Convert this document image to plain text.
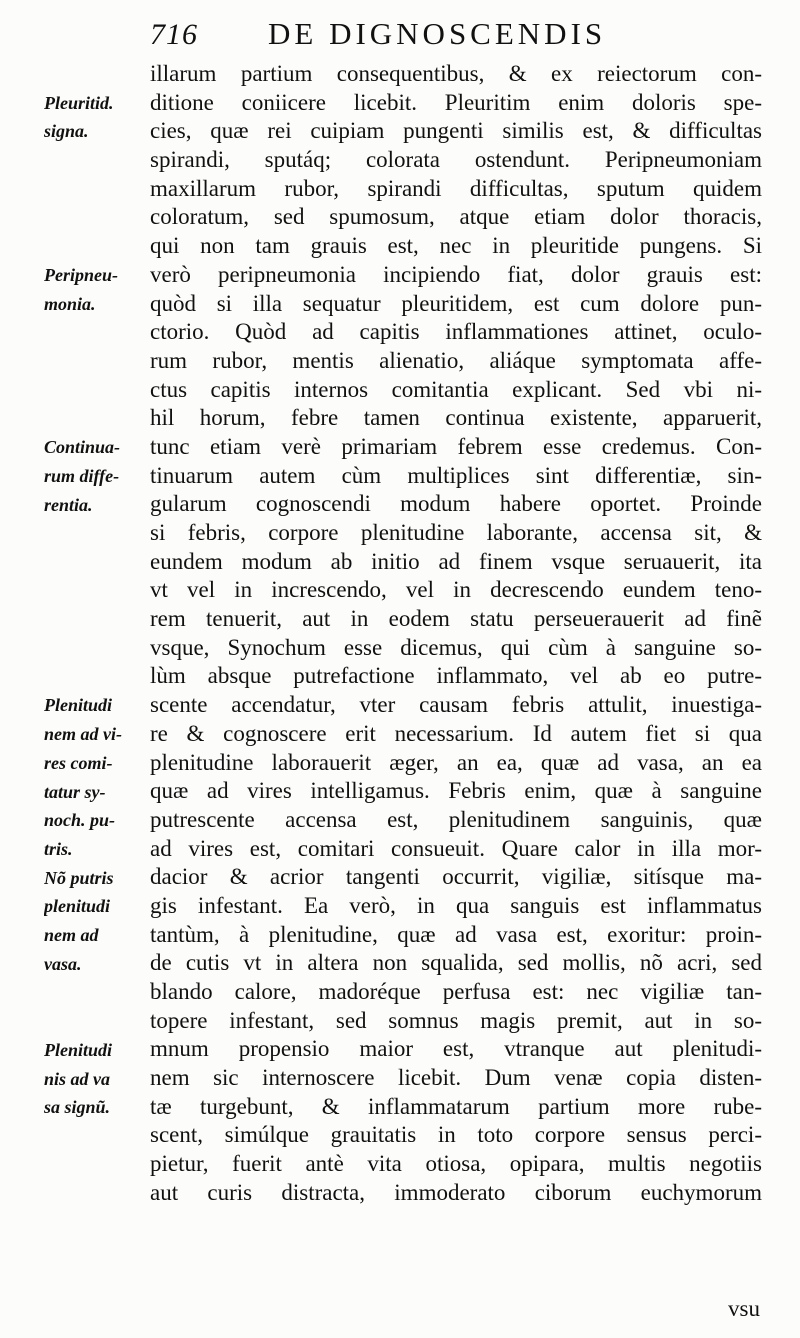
716 DE DIGNOSCENDIS
illarum partium consequentibus, & ex reiectorum con-
ditione coniicere licebit. Pleuritim enim doloris spe-
cies, quæ rei cuipiam pungenti similis est, & difficultas
spirandi, sputáq; colorata ostendunt. Peripneumoniam
maxillarum rubor, spirandi difficultas, sputum quidem
coloratum, sed spumosum, atque etiam dolor thoracis,
qui non tam grauis est, nec in pleuritide pungens. Si
verò peripneumonia incipiendo fiat, dolor grauis est:
quòd si illa sequatur pleuritidem, est cum dolore pun-
ctorio. Quòd ad capitis inflammationes attinet, oculo-
rum rubor, mentis alienatio, aliáque symptomata affe-
ctus capitis internos comitantia explicant. Sed vbi ni-
hil horum, febre tamen continua existente, apparuerit,
tunc etiam verè primariam febrem esse credemus. Con-
tinuarum autem cùm multiplices sint differentiæ, sin-
gularum cognoscendi modum habere oportet. Proinde
si febris, corpore plenitudine laborante, accensa sit, &
eundem modum ab initio ad finem vsque seruauerit, ita
vt vel in increscendo, vel in decrescendo eundem teno-
rem tenuerit, aut in eodem statu perseuerauerit ad finẽ
vsque, Synochum esse dicemus, qui cùm à sanguine so-
lùm absque putrefactione inflammato, vel ab eo putre-
scente accendatur, vter causam febris attulit, inuestiga-
re & cognoscere erit necessarium. Id autem fiet si qua
plenitudine laborauerit æger, an ea, quæ ad vasa, an ea
quæ ad vires intelligamus. Febris enim, quæ à sanguine
putrescente accensa est, plenitudinem sanguinis, quæ
ad vires est, comitari consueuit. Quare calor in illa mor-
dacior & acrior tangenti occurrit, vigiliæ, sitísque ma-
gis infestant. Ea verò, in qua sanguis est inflammatus
tantùm, à plenitudine, quæ ad vasa est, exoritur: proin-
de cutis vt in altera non squalida, sed mollis, nõ acri, sed
blando calore, madoréque perfusa est: nec vigiliæ tan-
topere infestant, sed somnus magis premit, aut in so-
mnum propensio maior est, vtranque aut plenitudi-
nem sic internoscere licebit. Dum venæ copia disten-
tæ turgebunt, & inflammatarum partium more rube-
scent, simúlque grauitatis in toto corpore sensus perci-
pietur, fuerit antè vita otiosa, opipara, multis negotiis
aut curis distracta, immoderato ciborum euchymorum
Pleuritid.
signa.
Peripneu-
monia.
Continua-
rum diffe-
rentia.
Plenitudi
nem ad vi-
res comi-
tatur sy-
noch. pu-
tris.
Nõ putris
plenitudi
nem ad
vasa.
Plenitudi
nis ad va
sa signũ.
vsu
